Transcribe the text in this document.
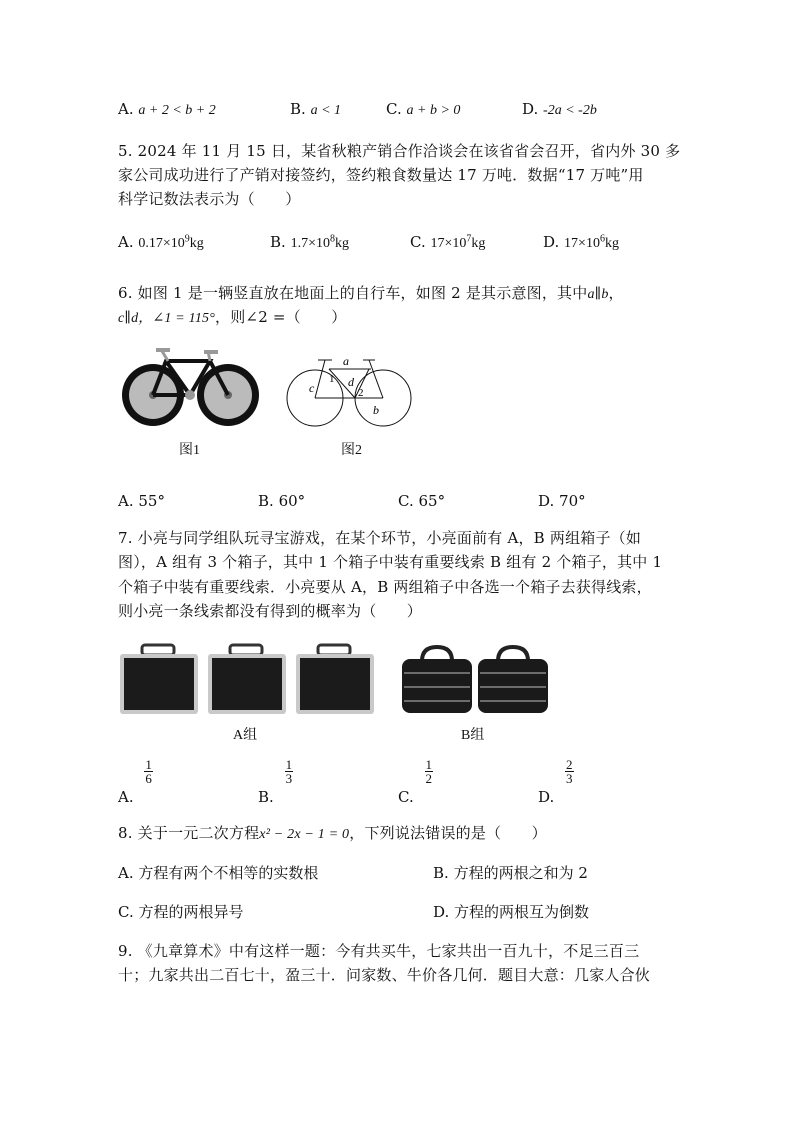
A. a + 2 < b + 2	B. a < 1	C. a + b > 0	D. -2a < -2b
5. 2024 年 11 月 15 日，某省秋粮产销合作洽谈会在该省省会召开，省内外 30 多
家公司成功进行了产销对接签约，签约粮食数量达 17 万吨．数据“17 万吨”用
科学记数法表示为（　　）
A. $0.17\times 10^9kg$	B. $1.7\times 10^8kg$	C. $17\times 10^7kg$	D. $17\times 10^6kg$
6. 如图 1 是一辆竖直放在地面上的自行车，如图 2 是其示意图，其中a∥b，
c∥d，∠1 = 115°，则∠2 =（　　）
图1
a
b
c	d
1
2
图2
A. 55°	B. 60°	C. 65°	D. 70°
7. 小亮与同学组队玩寻宝游戏，在某个环节，小亮面前有 A，B 两组箱子（如
图），A 组有 3 个箱子，其中 1 个箱子中装有重要线索 B 组有 2 个箱子，其中 1
个箱子中装有重要线索．小亮要从 A，B 两组箱子中各选一个箱子去获得线索，
则小亮一条线索都没有得到的概率为（　　）
A组	B组
A.
$\frac{1}{6}$
B.
$\frac{1}{3}$
C.
$\frac{1}{2}$
D.
$\frac{2}{3}$
8. 关于一元二次方程x² − 2x − 1 = 0，下列说法错误的是（　　）
A. 方程有两个不相等的实数根	B. 方程的两根之和为 2
C. 方程的两根异号	D. 方程的两根互为倒数
9. 《九章算术》中有这样一题：今有共买牛，七家共出一百九十，不足三百三
十；九家共出二百七十，盈三十．问家数、牛价各几何．题目大意：几家人合伙
